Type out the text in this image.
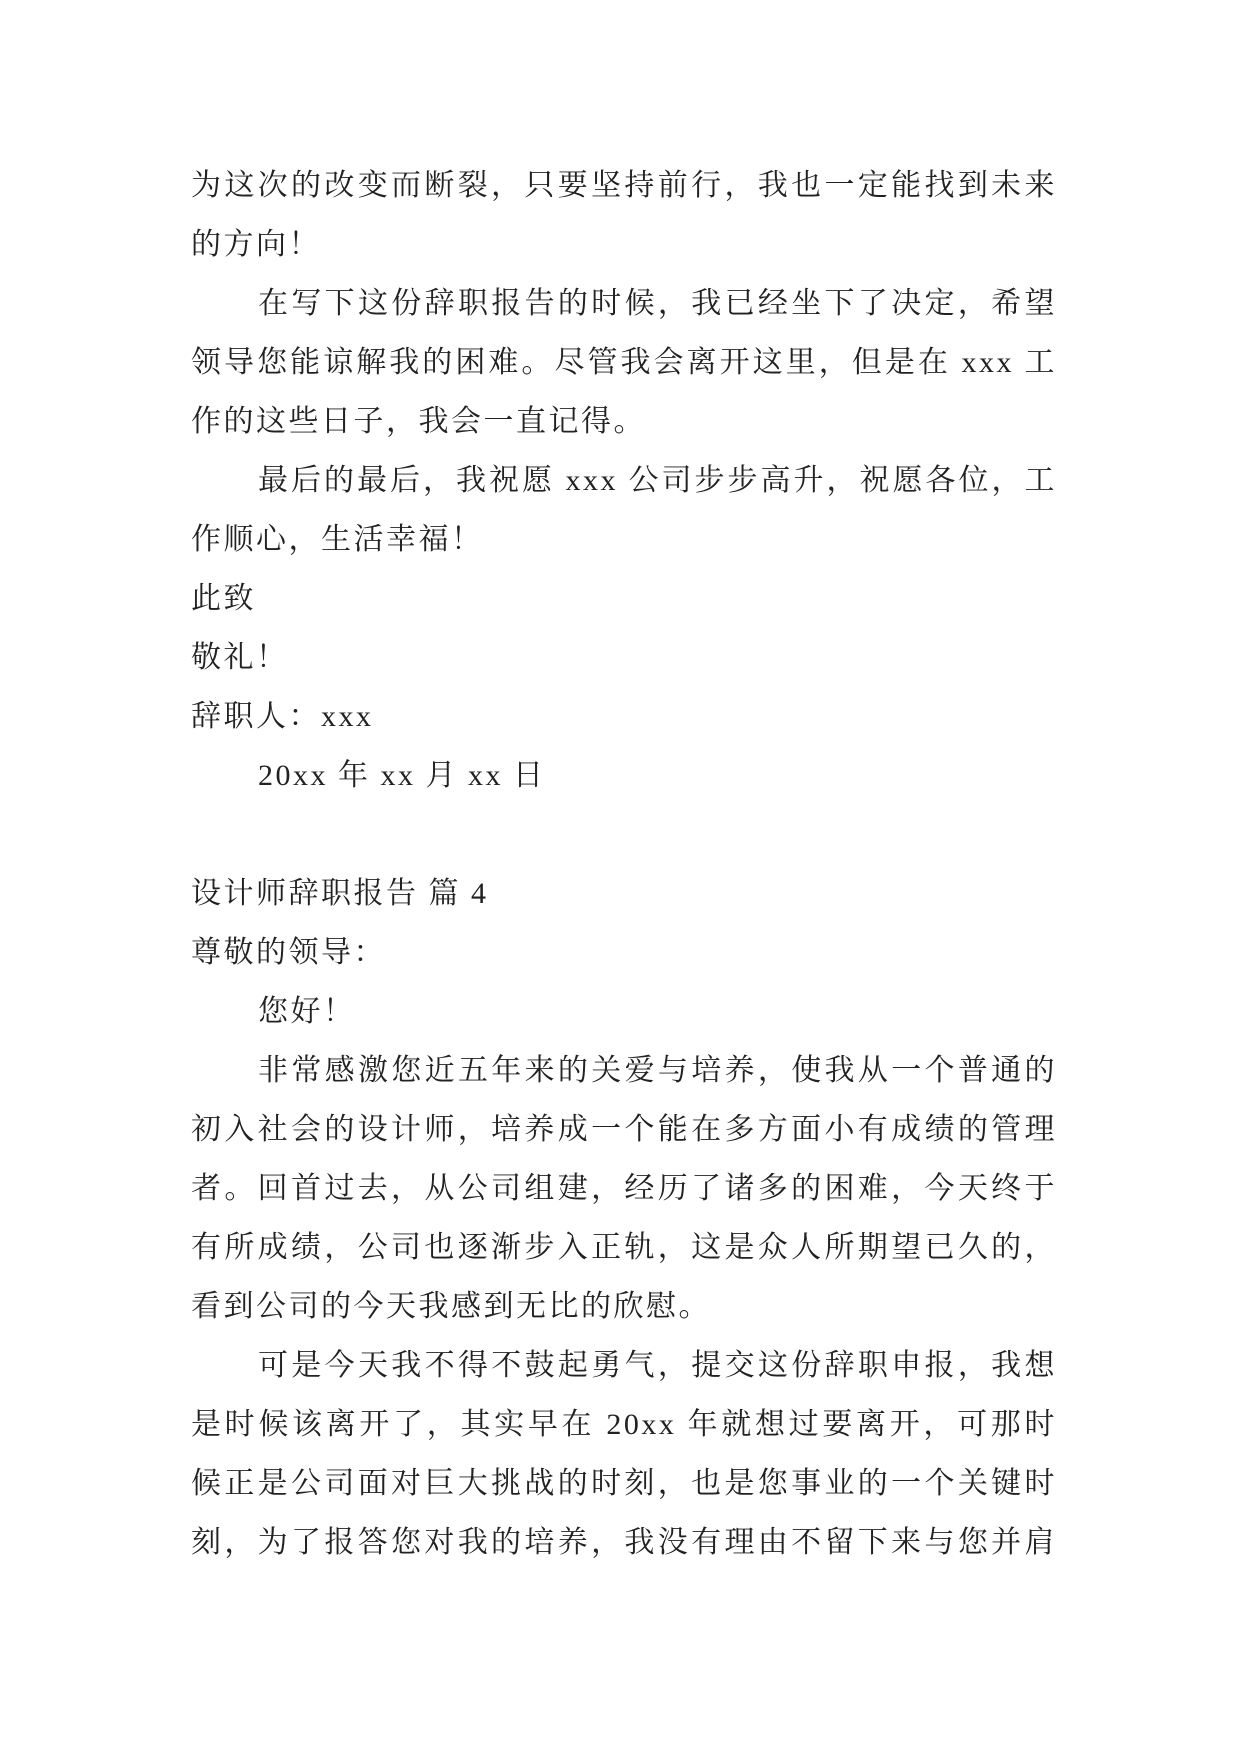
为这次的改变而断裂，只要坚持前行，我也一定能找到未来
的方向！
在写下这份辞职报告的时候，我已经坐下了决定，希望
领导您能谅解我的困难。尽管我会离开这里，但是在 xxx 工
作的这些日子，我会一直记得。
最后的最后，我祝愿 xxx 公司步步高升，祝愿各位，工
作顺心，生活幸福！
此致
敬礼！
辞职人：xxx
20xx 年 xx 月 xx 日
设计师辞职报告 篇 4
尊敬的领导：
您好！
非常感激您近五年来的关爱与培养，使我从一个普通的
初入社会的设计师，培养成一个能在多方面小有成绩的管理
者。回首过去，从公司组建，经历了诸多的困难，今天终于
有所成绩，公司也逐渐步入正轨，这是众人所期望已久的，
看到公司的今天我感到无比的欣慰。
可是今天我不得不鼓起勇气，提交这份辞职申报，我想
是时候该离开了，其实早在 20xx 年就想过要离开，可那时
候正是公司面对巨大挑战的时刻，也是您事业的一个关键时
刻，为了报答您对我的培养，我没有理由不留下来与您并肩
